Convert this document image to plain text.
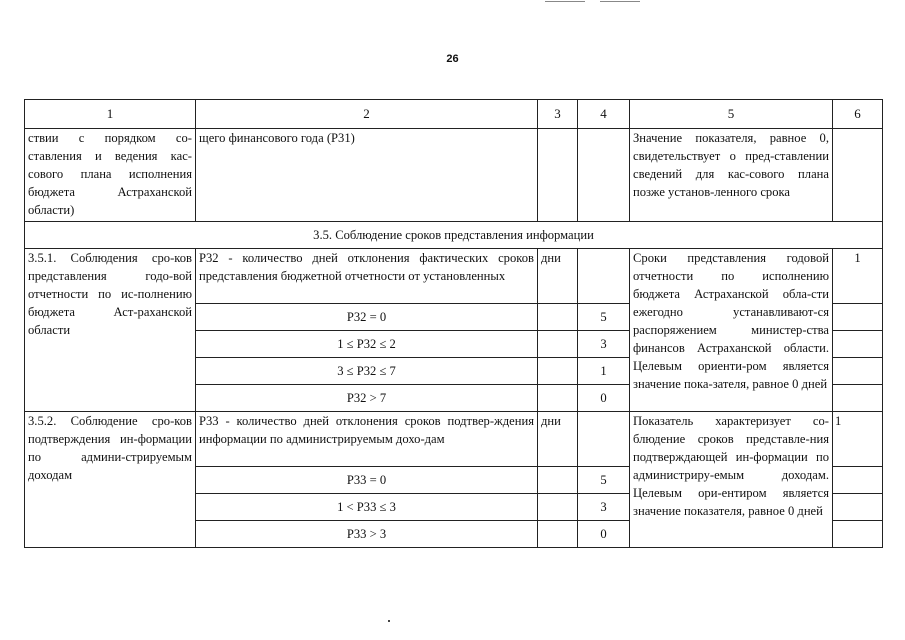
26
1	2	3	4	5	6
ствии с порядком со-ставления и ведения кас-сового плана исполнения бюджета Астраханской области)	щего финансового года (Р31)			Значение показателя, равное 0, свидетельствует о пред-ставлении сведений для кас-сового плана позже установ-ленного срока	
3.5. Соблюдение сроков представления информации					
3.5.1. Соблюдения сро-ков представления годо-вой отчетности по ис-полнению бюджета Аст-раханской области	Р32 - количество дней отклонения фактических сроков представления бюджетной отчетности от установленных	дни		Сроки представления годовой отчетности по исполнению бюджета Астраханской обла-сти ежегодно устанавливают-ся распоряжением министер-ства финансов Астраханской области. Целевым ориенти-ром является значение пока-зателя, равное 0 дней	1
	Р32 = 0		5		
	1 ≤ Р32 ≤ 2		3		
	3 ≤ Р32 ≤ 7		1		
	Р32 > 7		0		
3.5.2. Соблюдение сро-ков подтверждения ин-формации по админи-стрируемым доходам	Р33 - количество дней отклонения сроков подтвер-ждения информации по администрируемым дохо-дам	дни		Показатель характеризует со-блюдение сроков представле-ния подтверждающей ин-формации по администриру-емым доходам. Целевым ори-ентиром является значение показателя, равное 0 дней	1
	Р33 = 0		5		
	1 < Р33 ≤ 3		3		
	Р33 > 3		0		
